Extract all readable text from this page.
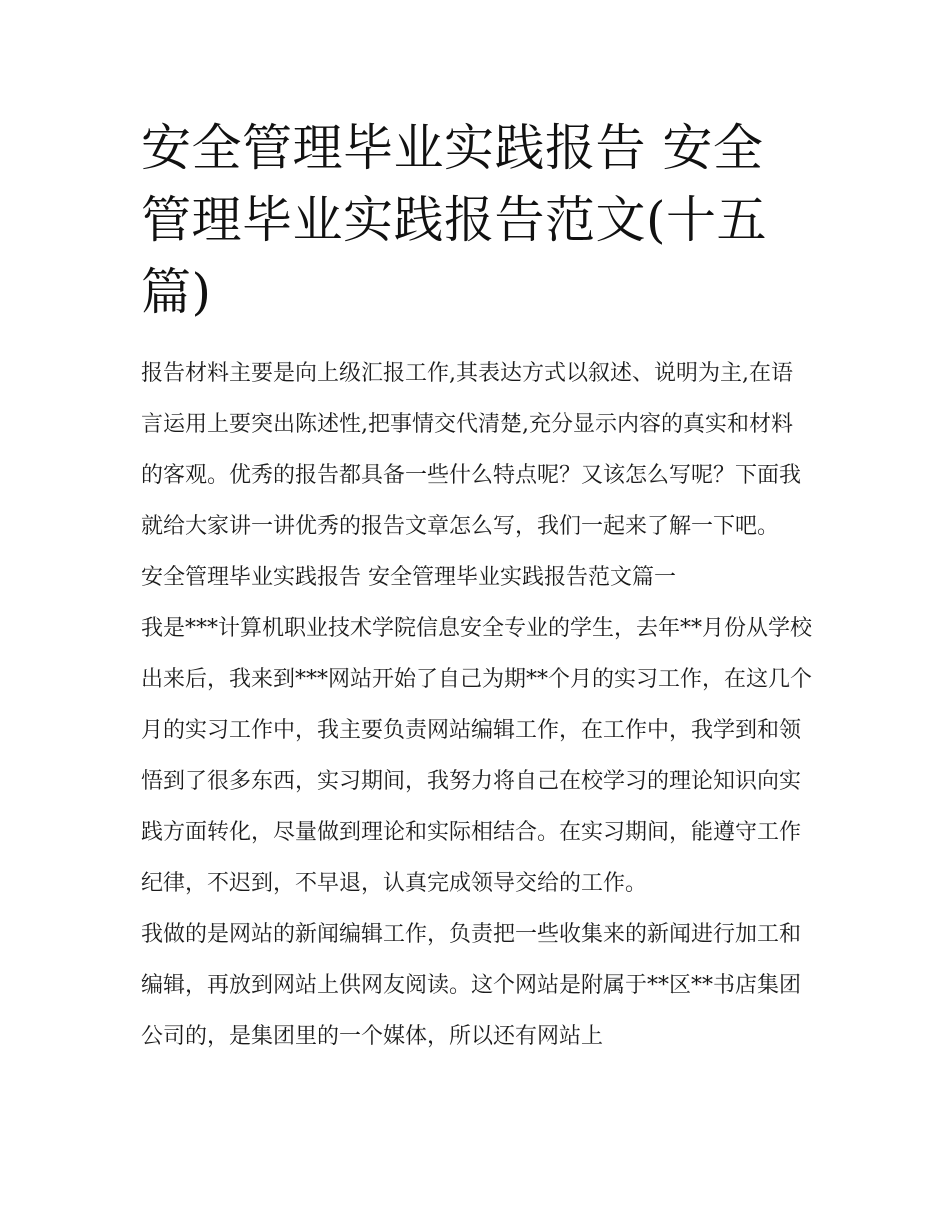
安全管理毕业实践报告 安全管理毕业实践报告范文(十五篇)

报告材料主要是向上级汇报工作,其表达方式以叙述、说明为主,在语言运用上要突出陈述性,把事情交代清楚,充分显示内容的真实和材料的客观。优秀的报告都具备一些什么特点呢？又该怎么写呢？下面我就给大家讲一讲优秀的报告文章怎么写，我们一起来了解一下吧。

安全管理毕业实践报告 安全管理毕业实践报告范文篇一

我是***计算机职业技术学院信息安全专业的学生，去年**月份从学校出来后，我来到***网站开始了自己为期**个月的实习工作，在这几个月的实习工作中，我主要负责网站编辑工作，在工作中，我学到和领悟到了很多东西，实习期间，我努力将自己在校学习的理论知识向实践方面转化，尽量做到理论和实际相结合。在实习期间，能遵守工作纪律，不迟到，不早退，认真完成领导交给的工作。

我做的是网站的新闻编辑工作，负责把一些收集来的新闻进行加工和编辑，再放到网站上供网友阅读。这个网站是附属于**区**书店集团公司的，是集团里的一个媒体，所以还有网站上
